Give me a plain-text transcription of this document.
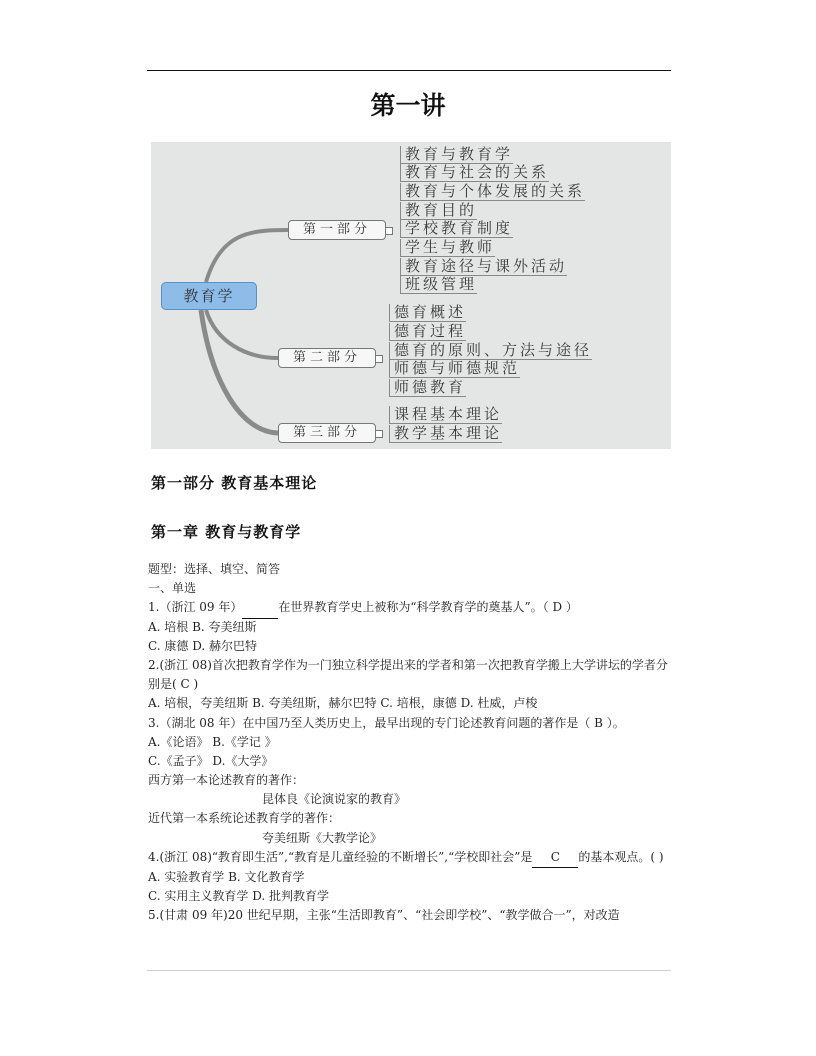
第一讲
教育学
第一部分
教育与教育学
教育与社会的关系
教育与个体发展的关系
教育目的
学校教育制度
学生与教师
教育途径与课外活动
班级管理
第二部分
德育概述
德育过程
德育的原则、方法与途径
师德与师德规范
师德教育
第三部分
课程基本理论
教学基本理论
第一部分 教育基本理论
第一章 教育与教育学
题型：选择、填空、简答
一、单选
1.（浙江 09 年）	在世界教育学史上被称为“科学教育学的奠基人”。（ D ）
A. 培根 B. 夸美纽斯
C. 康德 D. 赫尔巴特
2.(浙江 08)首次把教育学作为一门独立科学提出来的学者和第一次把教育学搬上大学讲坛的学者分别是( C )
A. 培根，夸美纽斯 B. 夸美纽斯，赫尔巴特 C. 培根，康德 D. 杜威，卢梭
3.（湖北 08 年）在中国乃至人类历史上，最早出现的专门论述教育问题的著作是（ B ）。
A.《论语》 B.《学记 》
C.《孟子》 D.《大学》
西方第一本论述教育的著作：
昆体良《论演说家的教育》
近代第一本系统论述教育学的著作：
夸美纽斯《大教学论》
4.(浙江 08)“教育即生活”,“教育是儿童经验的不断增长”,“学校即社会”是 C 的基本观点。( )
A. 实验教育学 B. 文化教育学
C. 实用主义教育学 D. 批判教育学
5.(甘肃 09 年)20 世纪早期，主张“生活即教育”、“社会即学校”、“教学做合一”，对改造
